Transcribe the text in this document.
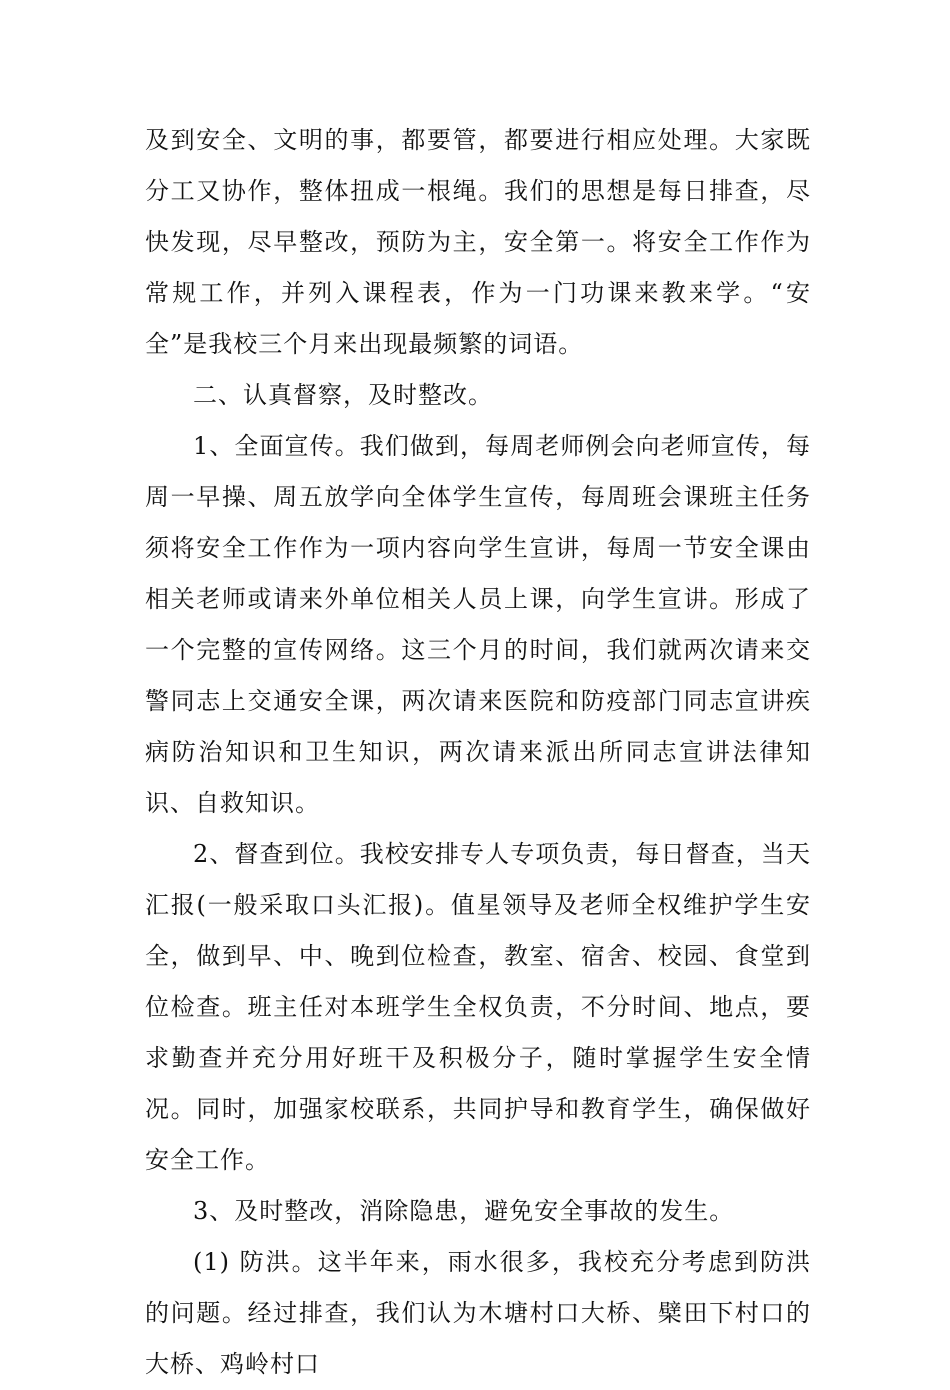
及到安全、文明的事，都要管，都要进行相应处理。大家既分工又协作，整体扭成一根绳。我们的思想是每日排查，尽快发现，尽早整改，预防为主，安全第一。将安全工作作为常规工作，并列入课程表，作为一门功课来教来学。“安全”是我校三个月来出现最频繁的词语。

二、认真督察，及时整改。

1、全面宣传。我们做到，每周老师例会向老师宣传，每周一早操、周五放学向全体学生宣传，每周班会课班主任务须将安全工作作为一项内容向学生宣讲，每周一节安全课由相关老师或请来外单位相关人员上课，向学生宣讲。形成了一个完整的宣传网络。这三个月的时间，我们就两次请来交警同志上交通安全课，两次请来医院和防疫部门同志宣讲疾病防治知识和卫生知识，两次请来派出所同志宣讲法律知识、自救知识。

2、督查到位。我校安排专人专项负责，每日督查，当天汇报(一般采取口头汇报)。值星领导及老师全权维护学生安全，做到早、中、晚到位检查，教室、宿舍、校园、食堂到位检查。班主任对本班学生全权负责，不分时间、地点，要求勤查并充分用好班干及积极分子，随时掌握学生安全情况。同时，加强家校联系，共同护导和教育学生，确保做好安全工作。

3、及时整改，消除隐患，避免安全事故的发生。

(1) 防洪。这半年来，雨水很多，我校充分考虑到防洪的问题。经过排查，我们认为木塘村口大桥、檗田下村口的大桥、鸡岭村口
